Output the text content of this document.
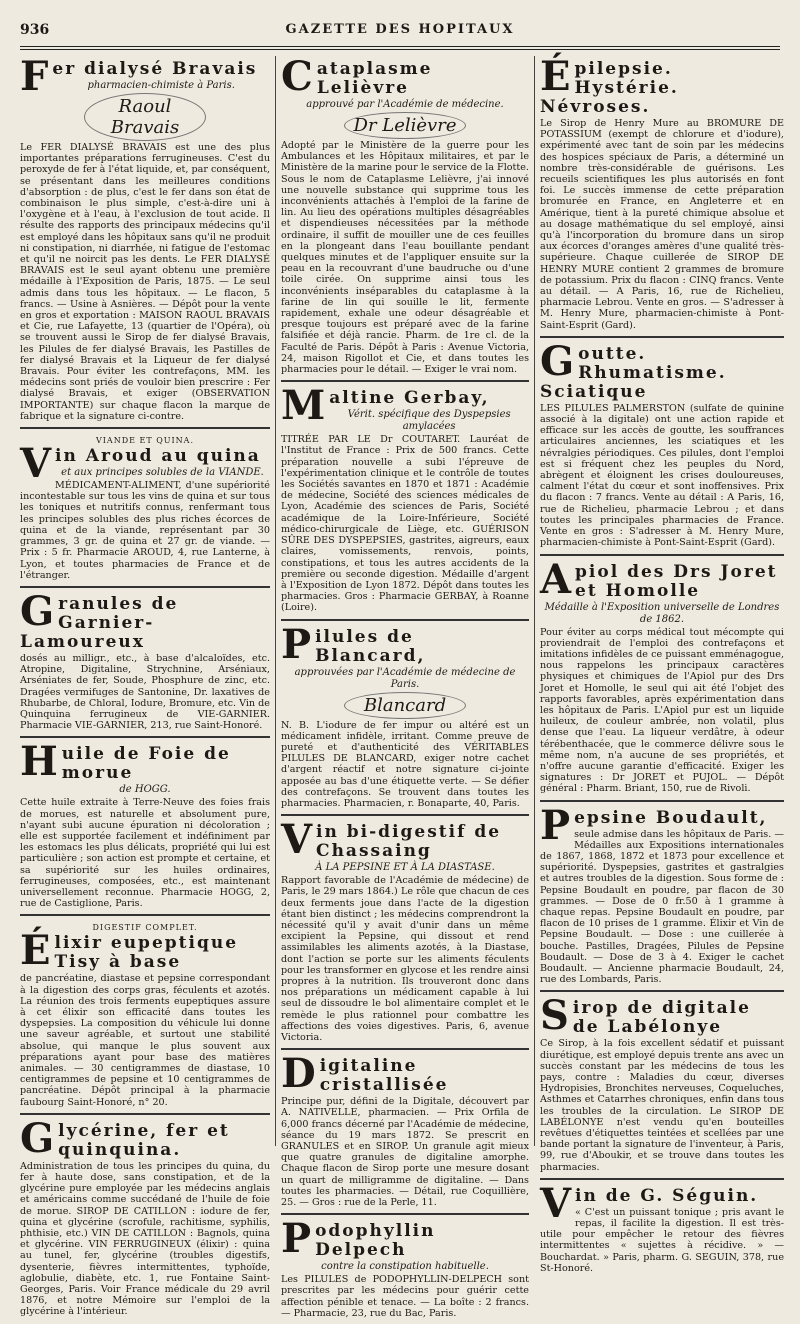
936	GAZETTE DES HOPITAUX
Fer dialysé Bravais

pharmacien-chimiste à Paris.

Raoul Bravais

Le FER DIALYSÉ BRAVAIS est une des plus importantes préparations ferrugineuses. C'est du peroxyde de fer à l'état liquide, et, par conséquent, se présentant dans les meilleures conditions d'absorption : de plus, c'est le fer dans son état de combinaison le plus simple, c'est-à-dire uni à l'oxygène et à l'eau, à l'exclusion de tout acide. Il résulte des rapports des principaux médecins qu'il est employé dans les hôpitaux sans qu'il ne produit ni constipation, ni diarrhée, ni fatigue de l'estomac et qu'il ne noircit pas les dents. Le FER DIALYSÉ BRAVAIS est le seul ayant obtenu une première médaille à l'Exposition de Paris, 1875. — Le seul admis dans tous les hôpitaux. — Le flacon, 5 francs. — Usine à Asnières. — Dépôt pour la vente en gros et exportation : MAISON RAOUL BRAVAIS et Cie, rue Lafayette, 13 (quartier de l'Opéra), où se trouvent aussi le Sirop de fer dialysé Bravais, les Pilules de fer dialysé Bravais, les Pastilles de fer dialysé Bravais et la Liqueur de fer dialysé Bravais. Pour éviter les contrefaçons, MM. les médecins sont priés de vouloir bien prescrire : Fer dialysé Bravais, et exiger (OBSERVATION IMPORTANTE) sur chaque flacon la marque de fabrique et la signature ci-contre.

VIANDE ET QUINA.

Vin Aroud au quina

et aux principes solubles de la VIANDE.

MÉDICAMENT-ALIMENT, d'une supériorité incontestable sur tous les vins de quina et sur tous les toniques et nutritifs connus, renfermant tous les principes solubles des plus riches écorces de quina et de la viande, représentant par 30 grammes, 3 gr. de quina et 27 gr. de viande. — Prix : 5 fr. Pharmacie AROUD, 4, rue Lanterne, à Lyon, et toutes pharmacies de France et de l'étranger.

Granules de Garnier-Lamoureux

dosés au milligr., etc., à base d'alcaloïdes, etc. Atropine, Digitaline, Strychnine, Arséniaux, Arséniates de fer, Soude, Phosphure de zinc, etc. Dragées vermifuges de Santonine, Dr. laxatives de Rhubarbe, de Chloral, Iodure, Bromure, etc. Vin de Quinquina ferrugineux de VIE-GARNIER. Pharmacie VIE-GARNIER, 213, rue Saint-Honoré.

Huile de Foie de morue

de HOGG.

Cette huile extraite à Terre-Neuve des foies frais de morues, est naturelle et absolument pure, n'ayant subi aucune épuration ni décoloration ; elle est supportée facilement et indéfiniment par les estomacs les plus délicats, propriété qui lui est particulière ; son action est prompte et certaine, et sa supériorité sur les huiles ordinaires, ferrugineuses, composées, etc., est maintenant universellement reconnue. Pharmacie HOGG, 2, rue de Castiglione, Paris.

DIGESTIF COMPLET.

Élixir eupeptique Tisy à base

de pancréatine, diastase et pepsine correspondant à la digestion des corps gras, féculents et azotés. La réunion des trois ferments eupeptiques assure à cet élixir son efficacité dans toutes les dyspepsies. La composition du véhicule lui donne une saveur agréable, et surtout une stabilité absolue, qui manque le plus souvent aux préparations ayant pour base des matières animales. — 30 centigrammes de diastase, 10 centigrammes de pepsine et 10 centigrammes de pancréatine. Dépôt principal à la pharmacie faubourg Saint-Honoré, n° 20.

Glycérine, fer et quinquina.

Administration de tous les principes du quina, du fer à haute dose, sans constipation, et de la glycérine pure employée par les médecins anglais et américains comme succédané de l'huile de foie de morue. SIROP DE CATILLON : iodure de fer, quina et glycérine (scrofule, rachitisme, syphilis, phthisie, etc.) VIN DE CATILLON : Bagnols, quina et glycérine. VIN FERRUGINEUX (élixir) : quina au tunel, fer, glycérine (troubles digestifs, dysenterie, fièvres intermittentes, typhoïde, aglobulie, diabète, etc. 1, rue Fontaine Saint-Georges, Paris. Voir France médicale du 29 avril 1876, et notre Mémoire sur l'emploi de la glycérine à l'intérieur.

Cataplasme Lelièvre

approuvé par l'Académie de médecine.

Dr Lelièvre

Adopté par le Ministère de la guerre pour les Ambulances et les Hôpitaux militaires, et par le Ministère de la marine pour le service de la Flotte. Sous le nom de Cataplasme Lelièvre, j'ai innové une nouvelle substance qui supprime tous les inconvénients attachés à l'emploi de la farine de lin. Au lieu des opérations multiples désagréables et dispendieuses nécessitées par la méthode ordinaire, il suffit de mouiller une de ces feuilles en la plongeant dans l'eau bouillante pendant quelques minutes et de l'appliquer ensuite sur la peau en la recouvrant d'une baudruche ou d'une toile cirée. On supprime ainsi tous les inconvénients inséparables du cataplasme à la farine de lin qui souille le lit, fermente rapidement, exhale une odeur désagréable et presque toujours est préparé avec de la farine falsifiée et déjà rancie. Pharm. de 1re cl. de la Faculté de Paris. Dépôt à Paris : Avenue Victoria, 24, maison Rigollot et Cie, et dans toutes les pharmacies pour le détail. — Exiger le vrai nom.

Maltine Gerbay,

Vérit. spécifique des Dyspepsies amylacées

TITRÉE PAR LE Dr COUTARET. Lauréat de l'Institut de France : Prix de 500 francs. Cette préparation nouvelle a subi l'épreuve de l'expérimentation clinique et le contrôle de toutes les Sociétés savantes en 1870 et 1871 : Académie de médecine, Société des sciences médicales de Lyon, Académie des sciences de Paris, Société académique de la Loire-Inférieure, Société médico-chirurgicale de Liège, etc. GUÉRISON SÛRE DES DYSPEPSIES, gastrites, aigreurs, eaux claires, vomissements, renvois, points, constipations, et tous les autres accidents de la première ou seconde digestion. Médaille d'argent à l'Exposition de Lyon 1872. Dépôt dans toutes les pharmacies. Gros : Pharmacie GERBAY, à Roanne (Loire).

Pilules de Blancard,

approuvées par l'Académie de médecine de Paris.

Blancard

N. B. L'iodure de fer impur ou altéré est un médicament infidèle, irritant. Comme preuve de pureté et d'authenticité des VÉRITABLES PILULES DE BLANCARD, exiger notre cachet d'argent réactif et notre signature ci-jointe apposée au bas d'une étiquette verte. — Se défier des contrefaçons. Se trouvent dans toutes les pharmacies. Pharmacien, r. Bonaparte, 40, Paris.

Vin bi-digestif de Chassaing

À LA PEPSINE ET À LA DIASTASE.

Rapport favorable de l'Académie de médecine) de Paris, le 29 mars 1864.) Le rôle que chacun de ces deux ferments joue dans l'acte de la digestion étant bien distinct ; les médecins comprendront la nécessité qu'il y avait d'unir dans un même excipient la Pepsine, qui dissout et rend assimilables les aliments azotés, à la Diastase, dont l'action se porte sur les aliments féculents pour les transformer en glycose et les rendre ainsi propres à la nutrition. Ils trouveront donc dans nos préparations un médicament capable à lui seul de dissoudre le bol alimentaire complet et le remède le plus rationnel pour combattre les affections des voies digestives. Paris, 6, avenue Victoria.

Digitaline cristallisée

Principe pur, défini de la Digitale, découvert par A. NATIVELLE, pharmacien. — Prix Orfila de 6,000 francs décerné par l'Académie de médecine, séance du 19 mars 1872. Se prescrit en GRANULES et en SIROP. Un granule agit mieux que quatre granules de digitaline amorphe. Chaque flacon de Sirop porte une mesure dosant un quart de milligramme de digitaline. — Dans toutes les pharmacies. — Détail, rue Coquillière, 25. — Gros : rue de la Perle, 11.

Podophyllin Delpech

contre la constipation habituelle.

Les PILULES de PODOPHYLLIN-DELPECH sont prescrites par les médecins pour guérir cette affection pénible et tenace. — La boîte : 2 francs. — Pharmacie, 23, rue du Bac, Paris.

Épilepsie. Hystérie. Névroses.

Le Sirop de Henry Mure au BROMURE DE POTASSIUM (exempt de chlorure et d'iodure), expérimenté avec tant de soin par les médecins des hospices spéciaux de Paris, a déterminé un nombre très-considérable de guérisons. Les recueils scientifiques les plus autorisés en font foi. Le succès immense de cette préparation bromurée en France, en Angleterre et en Amérique, tient à la pureté chimique absolue et au dosage mathématique du sel employé, ainsi qu'à l'incorporation du bromure dans un sirop aux écorces d'oranges amères d'une qualité très-supérieure. Chaque cuillerée de SIROP DE HENRY MURE contient 2 grammes de bromure de potassium. Prix du flacon : CINQ francs. Vente au détail. — A Paris, 16, rue de Richelieu, pharmacie Lebrou. Vente en gros. — S'adresser à M. Henry Mure, pharmacien-chimiste à Pont-Saint-Esprit (Gard).

Goutte. Rhumatisme. Sciatique

LES PILULES PALMERSTON (sulfate de quinine associé à la digitale) ont une action rapide et efficace sur les accès de goutte, les souffrances articulaires anciennes, les sciatiques et les névralgies périodiques. Ces pilules, dont l'emploi est si fréquent chez les peuples du Nord, abrègent et éloignent les crises douloureuses, calment l'état du cœur et sont inoffensives. Prix du flacon : 7 francs. Vente au détail : A Paris, 16, rue de Richelieu, pharmacie Lebrou ; et dans toutes les principales pharmacies de France. Vente en gros : S'adresser à M. Henry Mure, pharmacien-chimiste à Pont-Saint-Esprit (Gard).

Apiol des Drs Joret et Homolle

Médaille à l'Exposition universelle de Londres de 1862.

Pour éviter au corps médical tout mécompte qui proviendrait de l'emploi des contrefaçons et imitations infidèles de ce puissant emménagogue, nous rappelons les principaux caractères physiques et chimiques de l'Apiol pur des Drs Joret et Homolle, le seul qui ait été l'objet des rapports favorables, après expérimentation dans les hôpitaux de Paris. L'Apiol pur est un liquide huileux, de couleur ambrée, non volatil, plus dense que l'eau. La liqueur verdâtre, à odeur térébenthacée, que le commerce délivre sous le même nom, n'a aucune de ses propriétés, et n'offre aucune garantie d'efficacité. Exiger les signatures : Dr JORET et PUJOL. — Dépôt général : Pharm. Briant, 150, rue de Rivoli.

Pepsine Boudault,

seule admise dans les hôpitaux de Paris. — Médailles aux Expositions internationales de 1867, 1868, 1872 et 1873 pour excellence et supériorité. Dyspepsies, gastrites et gastralgies et autres troubles de la digestion. Sous forme de : Pepsine Boudault en poudre, par flacon de 30 grammes. — Dose de 0 fr.50 à 1 gramme à chaque repas. Pepsine Boudault en poudre, par flacon de 10 prises de 1 gramme. Élixir et Vin de Pepsine Boudault. — Dose : une cuillerée à bouche. Pastilles, Dragées, Pilules de Pepsine Boudault. — Dose de 3 à 4. Exiger le cachet Boudault. — Ancienne pharmacie Boudault, 24, rue des Lombards, Paris.

Sirop de digitale de Labélonye

Ce Sirop, à la fois excellent sédatif et puissant diurétique, est employé depuis trente ans avec un succès constant par les médecins de tous les pays, contre : Maladies du cœur, diverses Hydropisies, Bronchites nerveuses, Coqueluches, Asthmes et Catarrhes chroniques, enfin dans tous les troubles de la circulation. Le SIROP DE LABÉLONYE n'est vendu qu'en bouteilles revêtues d'étiquettes teintées et scellées par une bande portant la signature de l'inventeur, à Paris, 99, rue d'Aboukir, et se trouve dans toutes les pharmacies.

Vin de G. Séguin.

« C'est un puissant tonique ; pris avant le repas, il facilite la digestion. Il est très-utile pour empêcher le retour des fièvres intermittentes « sujettes à récidive. » — Bouchardat. » Paris, pharm. G. SEGUIN, 378, rue St-Honoré.
